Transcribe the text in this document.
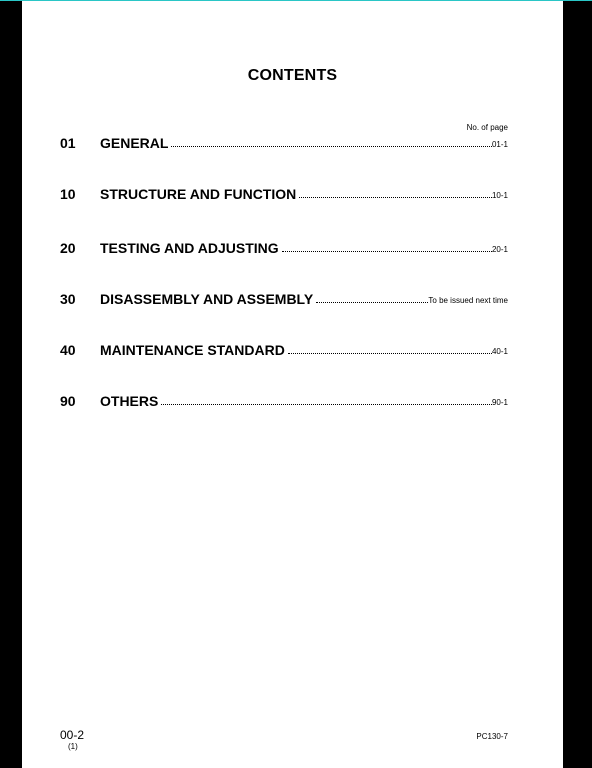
CONTENTS
No. of page
01	GENERAL	01-1
10	STRUCTURE AND FUNCTION	10-1
20	TESTING AND ADJUSTING	20-1
30	DISASSEMBLY AND ASSEMBLY	To be issued next time
40	MAINTENANCE STANDARD	40-1
90	OTHERS	90-1
00-2
(1)
PC130-7
